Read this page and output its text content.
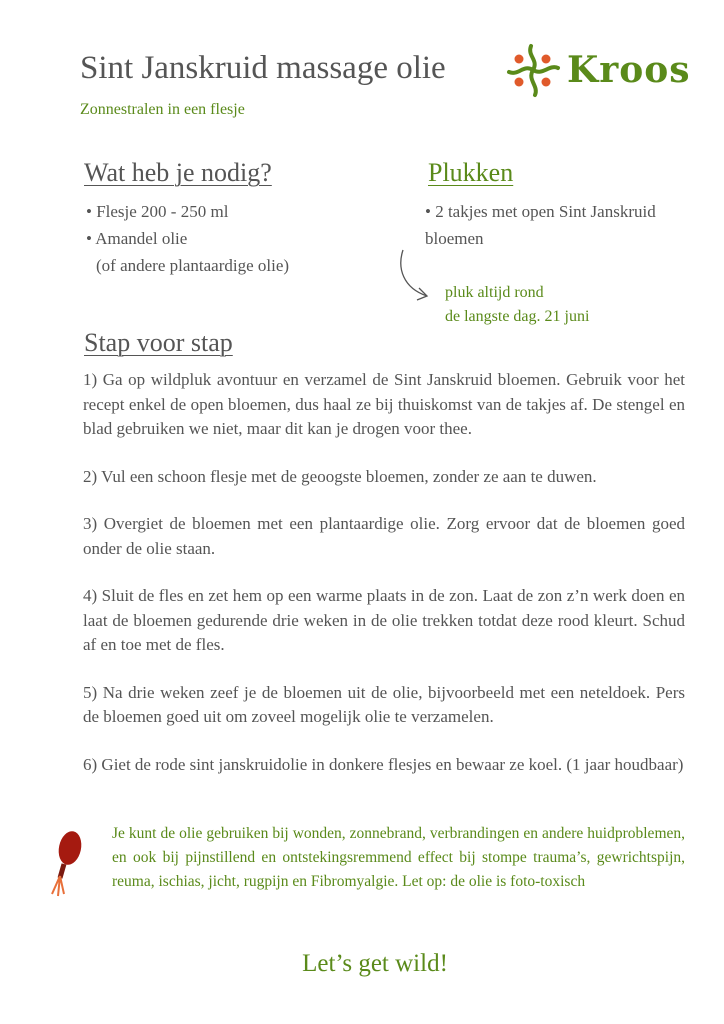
Sint Janskruid massage olie
Zonnestralen in een flesje
Kroos
Wat heb je nodig?
• Flesje 200 - 250 ml
• Amandel olie
(of andere plantaardige olie)
Plukken
• 2 takjes met open Sint Janskruid bloemen
pluk altijd rond
de langste dag. 21 juni
Stap voor stap

1) Ga op wildpluk avontuur en verzamel de Sint Janskruid bloemen. Gebruik voor het recept enkel de open bloemen, dus haal ze bij thuiskomst van de takjes af. De stengel en blad gebruiken we niet, maar dit kan je drogen voor thee.

2) Vul een schoon flesje met de geoogste bloemen, zonder ze aan te duwen.

3) Overgiet de bloemen met een plantaardige olie. Zorg ervoor dat de bloemen goed onder de olie staan.

4) Sluit de fles en zet hem op een warme plaats in de zon. Laat de zon z’n werk doen en laat de bloemen gedurende drie weken in de olie trekken totdat deze rood kleurt. Schud af en toe met de fles.

5) Na drie weken zeef je de bloemen uit de olie, bijvoorbeeld met een neteldoek. Pers de bloemen goed uit om zoveel mogelijk olie te verzamelen.

6) Giet de rode sint janskruidolie in donkere flesjes en bewaar ze koel. (1 jaar houdbaar)

Je kunt de olie gebruiken bij wonden, zonnebrand, verbrandingen en andere huidproblemen, en ook bij pijnstillend en ontstekingsremmend effect bij stompe trauma’s, gewrichtspijn, reuma, ischias, jicht, rugpijn en Fibromyalgie. Let op: de olie is foto-toxisch
Let’s get wild!
